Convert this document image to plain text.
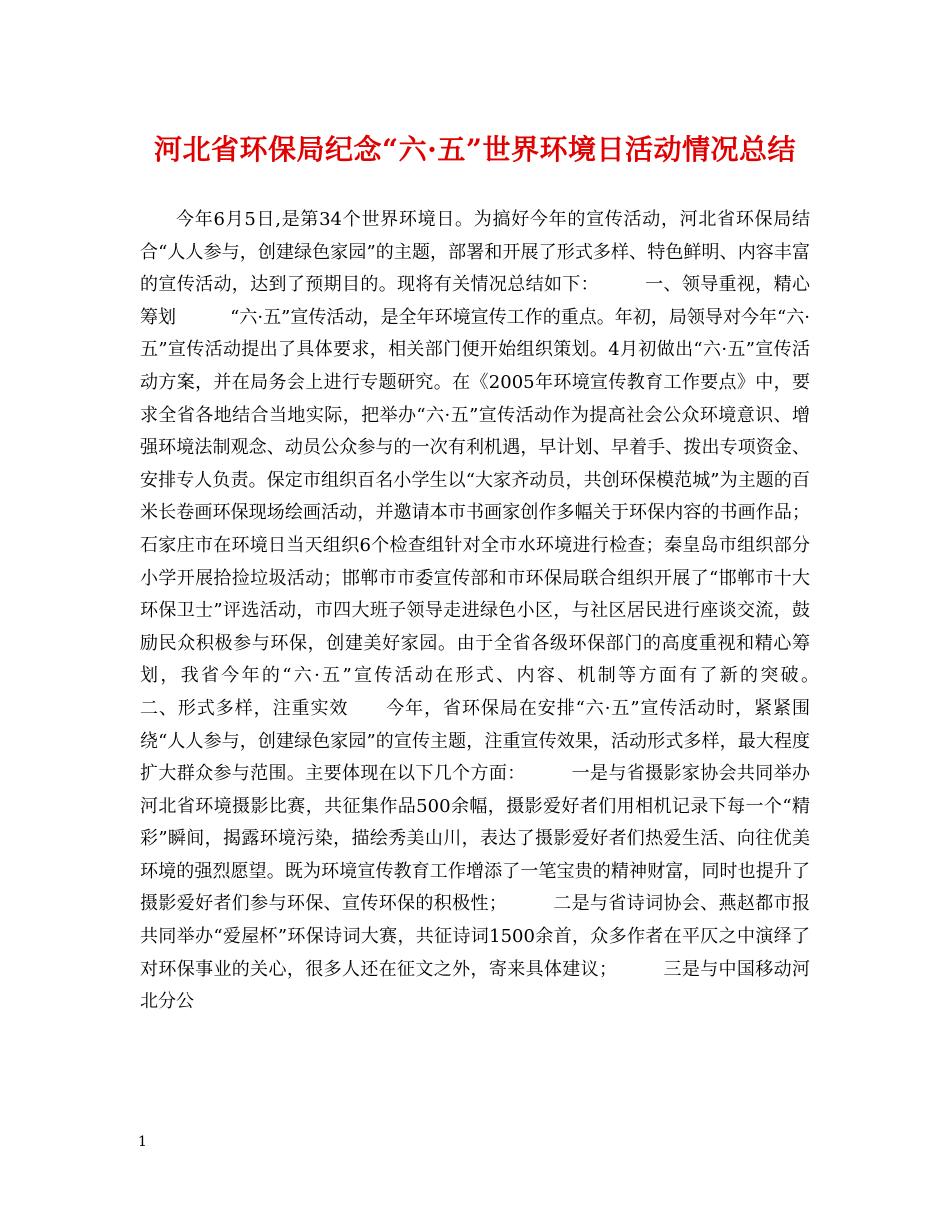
河北省环保局纪念“六·五”世界环境日活动情况总结

今年6月5日,是第34个世界环境日。为搞好今年的宣传活动，河北省环保局结合“人人参与，创建绿色家园”的主题，部署和开展了形式多样、特色鲜明、内容丰富的宣传活动，达到了预期目的。现将有关情况总结如下：　　　一、领导重视，精心筹划　　　“六·五”宣传活动，是全年环境宣传工作的重点。年初，局领导对今年“六·五”宣传活动提出了具体要求，相关部门便开始组织策划。4月初做出“六·五”宣传活动方案，并在局务会上进行专题研究。在《2005年环境宣传教育工作要点》中，要求全省各地结合当地实际，把举办“六·五”宣传活动作为提高社会公众环境意识、增强环境法制观念、动员公众参与的一次有利机遇，早计划、早着手、拨出专项资金、安排专人负责。保定市组织百名小学生以“大家齐动员，共创环保模范城”为主题的百米长卷画环保现场绘画活动，并邀请本市书画家创作多幅关于环保内容的书画作品；石家庄市在环境日当天组织6个检查组针对全市水环境进行检查；秦皇岛市组织部分小学开展拾捡垃圾活动；邯郸市市委宣传部和市环保局联合组织开展了“邯郸市十大环保卫士”评选活动，市四大班子领导走进绿色小区，与社区居民进行座谈交流，鼓励民众积极参与环保，创建美好家园。由于全省各级环保部门的高度重视和精心筹划，我省今年的“六·五”宣传活动在形式、内容、机制等方面有了新的突破。　　　二、形式多样，注重实效　　今年，省环保局在安排“六·五”宣传活动时，紧紧围绕“人人参与，创建绿色家园”的宣传主题，注重宣传效果，活动形式多样，最大程度扩大群众参与范围。主要体现在以下几个方面：　　　一是与省摄影家协会共同举办河北省环境摄影比赛，共征集作品500余幅，摄影爱好者们用相机记录下每一个“精彩”瞬间，揭露环境污染，描绘秀美山川，表达了摄影爱好者们热爱生活、向往优美环境的强烈愿望。既为环境宣传教育工作增添了一笔宝贵的精神财富，同时也提升了摄影爱好者们参与环保、宣传环保的积极性；　　　二是与省诗词协会、燕赵都市报共同举办“爱屋杯”环保诗词大赛，共征诗词1500余首，众多作者在平仄之中演绎了对环保事业的关心，很多人还在征文之外，寄来具体建议；　　　三是与中国移动河北分公

1
